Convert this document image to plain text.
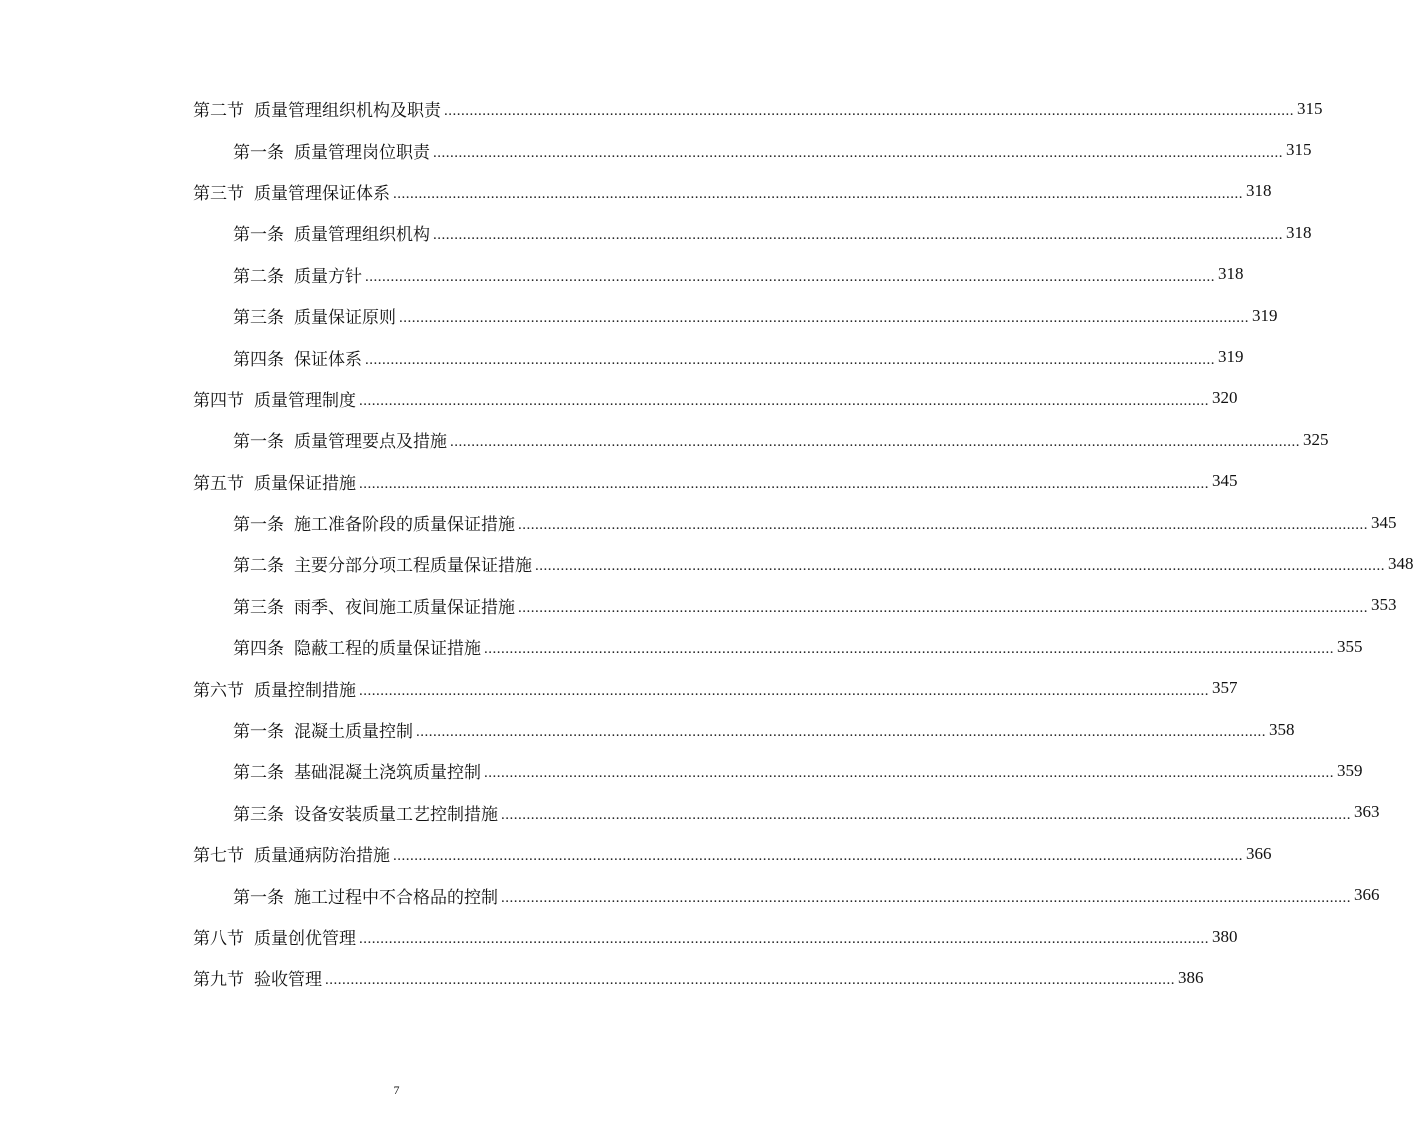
第二节 质量管理组织机构及职责 ........................................................................................................................................................................................................ 315
第一条 质量管理岗位职责 ........................................................................................................................................................................................................ 315
第三节 质量管理保证体系 ........................................................................................................................................................................................................ 318
第一条 质量管理组织机构 ........................................................................................................................................................................................................ 318
第二条 质量方针 ........................................................................................................................................................................................................ 318
第三条 质量保证原则 ........................................................................................................................................................................................................ 319
第四条 保证体系 ........................................................................................................................................................................................................ 319
第四节 质量管理制度 ........................................................................................................................................................................................................ 320
第一条 质量管理要点及措施 ........................................................................................................................................................................................................ 325
第五节 质量保证措施 ........................................................................................................................................................................................................ 345
第一条 施工准备阶段的质量保证措施 ........................................................................................................................................................................................................ 345
第二条 主要分部分项工程质量保证措施 ........................................................................................................................................................................................................ 348
第三条 雨季、夜间施工质量保证措施 ........................................................................................................................................................................................................ 353
第四条 隐蔽工程的质量保证措施 ........................................................................................................................................................................................................ 355
第六节 质量控制措施 ........................................................................................................................................................................................................ 357
第一条 混凝土质量控制 ........................................................................................................................................................................................................ 358
第二条 基础混凝土浇筑质量控制 ........................................................................................................................................................................................................ 359
第三条 设备安装质量工艺控制措施 ........................................................................................................................................................................................................ 363
第七节 质量通病防治措施 ........................................................................................................................................................................................................ 366
第一条 施工过程中不合格品的控制 ........................................................................................................................................................................................................ 366
第八节 质量创优管理 ........................................................................................................................................................................................................ 380
第九节 验收管理 ........................................................................................................................................................................................................ 386
7
